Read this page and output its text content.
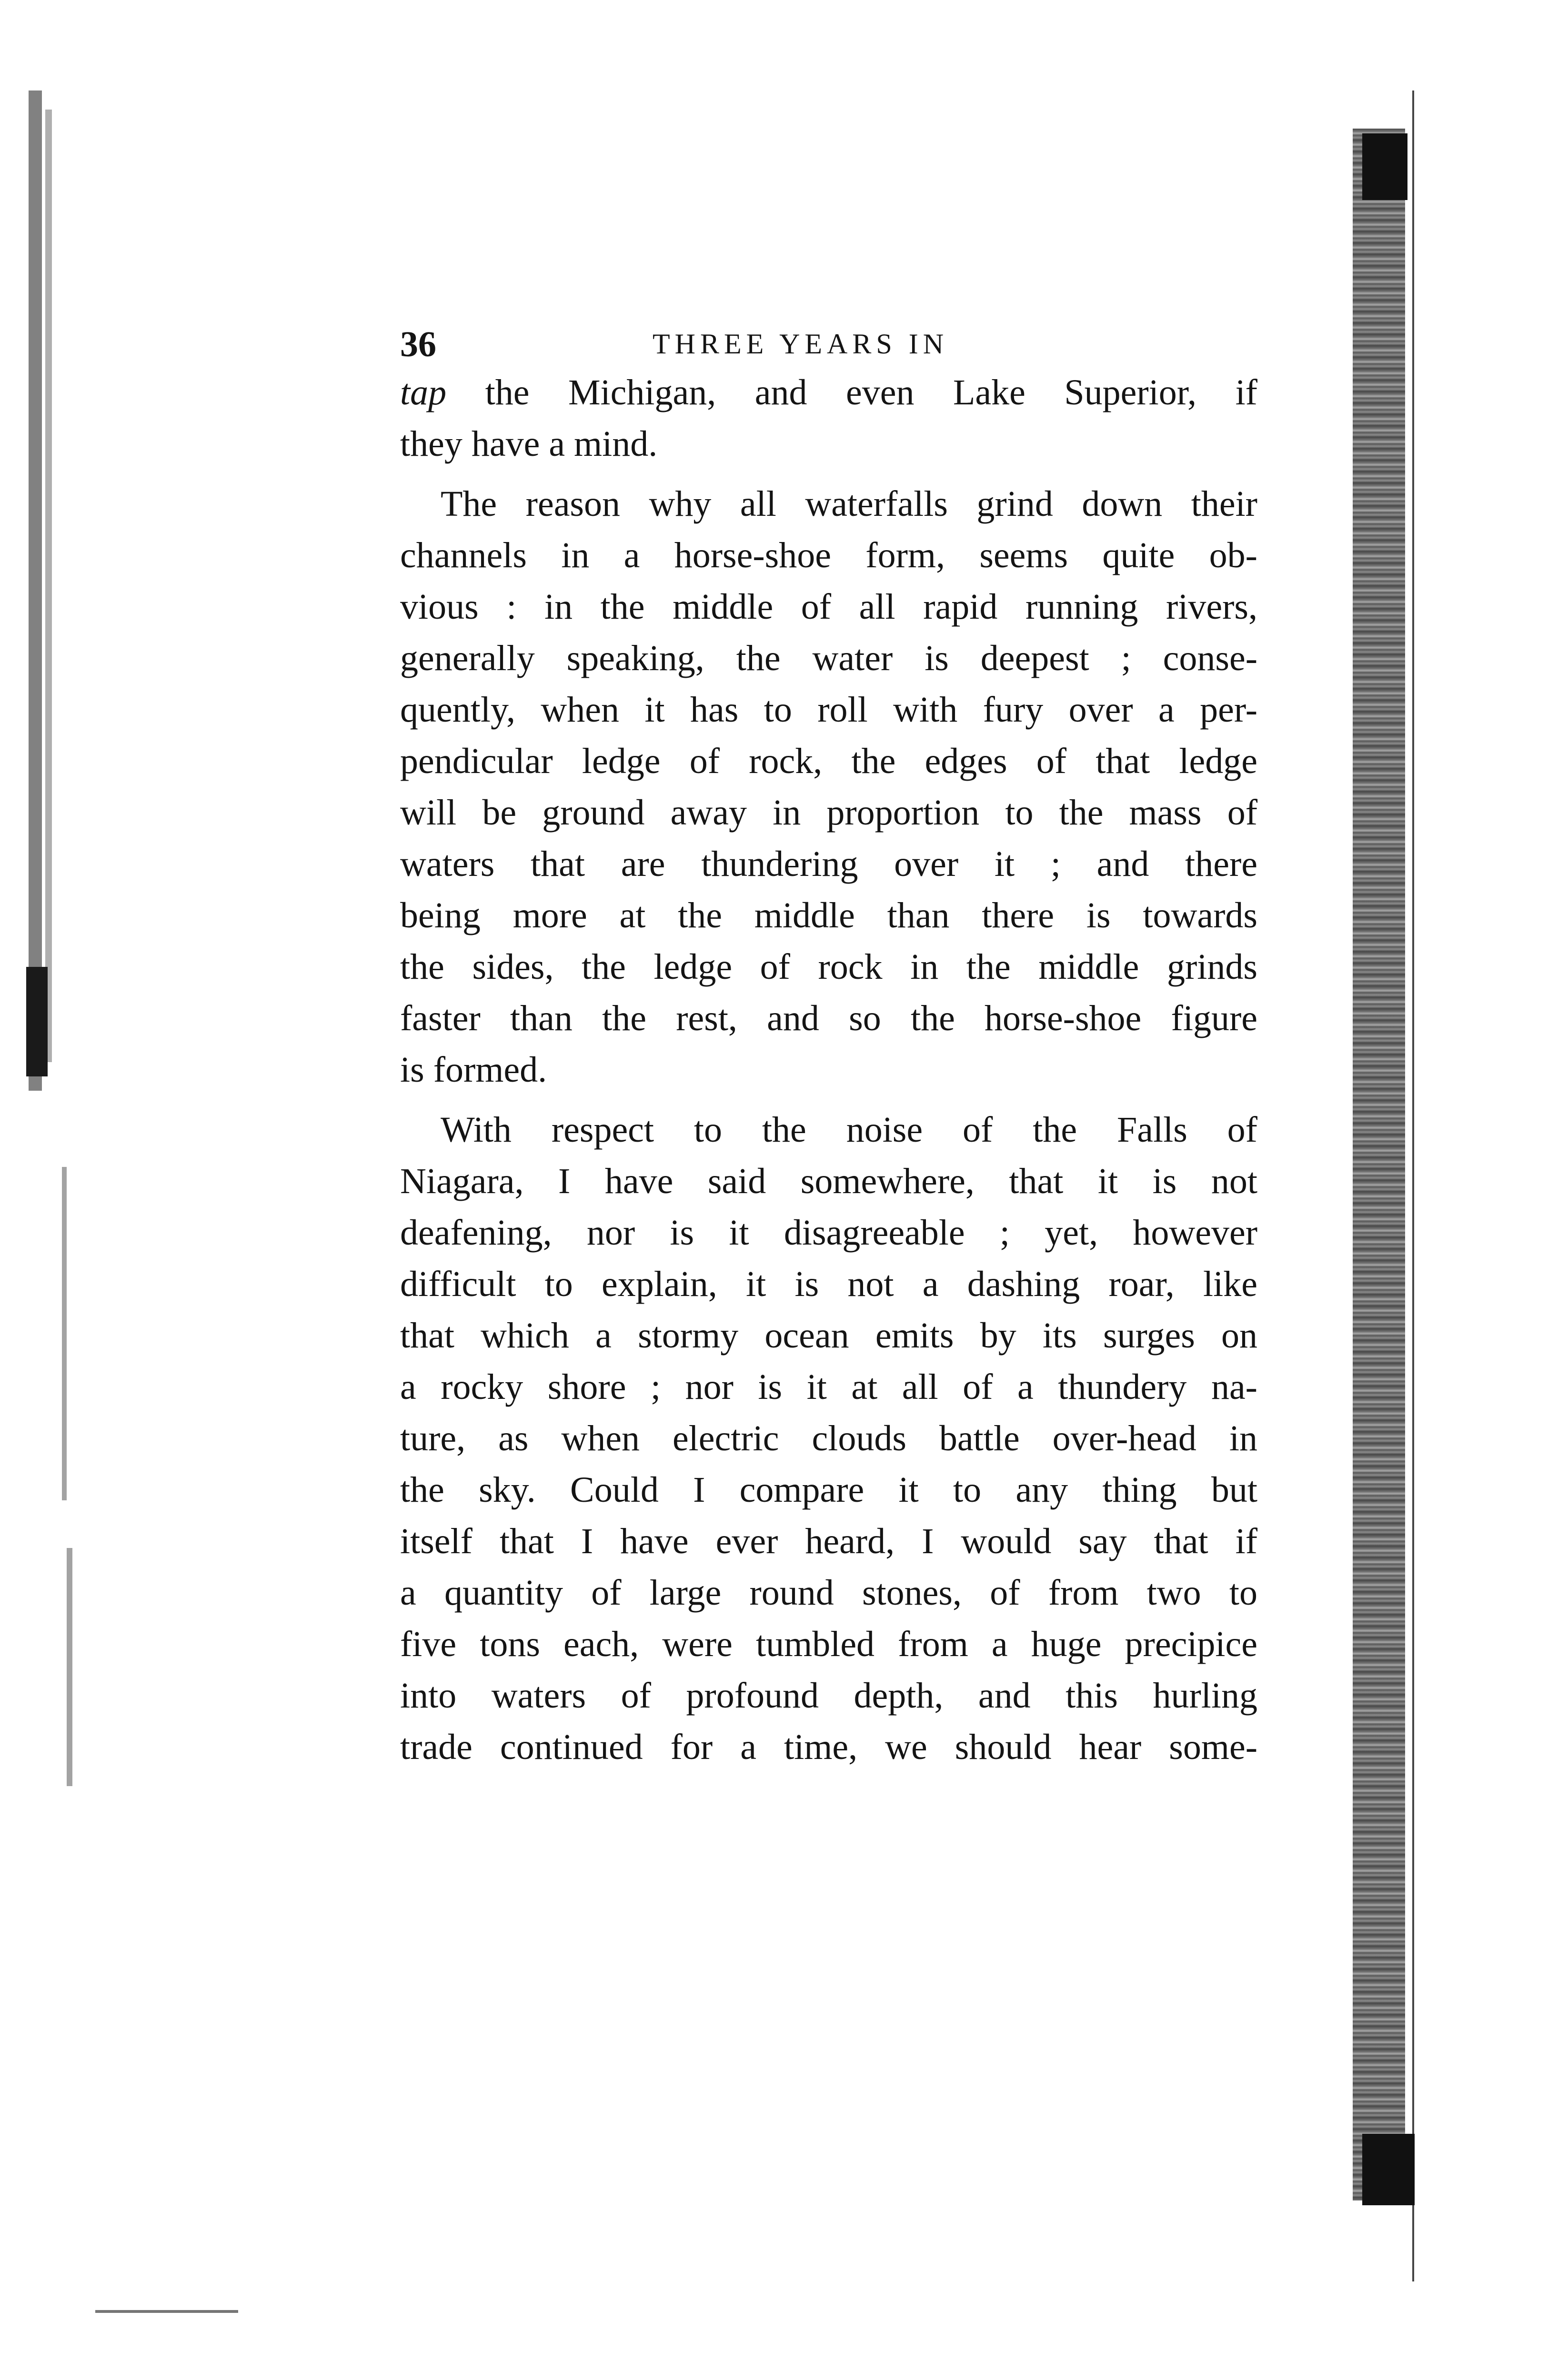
36	THREE YEARS IN
tap the Michigan, and even Lake Superior, if
they have a mind.
The reason why all waterfalls grind down their
channels in a horse-shoe form, seems quite ob-
vious : in the middle of all rapid running rivers,
generally speaking, the water is deepest ; conse-
quently, when it has to roll with fury over a per-
pendicular ledge of rock, the edges of that ledge
will be ground away in proportion to the mass of
waters that are thundering over it ; and there
being more at the middle than there is towards
the sides, the ledge of rock in the middle grinds
faster than the rest, and so the horse-shoe figure
is formed.
With respect to the noise of the Falls of
Niagara, I have said somewhere, that it is not
deafening, nor is it disagreeable ; yet, however
difficult to explain, it is not a dashing roar, like
that which a stormy ocean emits by its surges on
a rocky shore ; nor is it at all of a thundery na-
ture, as when electric clouds battle over-head in
the sky. Could I compare it to any thing but
itself that I have ever heard, I would say that if
a quantity of large round stones, of from two to
five tons each, were tumbled from a huge precipice
into waters of profound depth, and this hurling
trade continued for a time, we should hear some-
